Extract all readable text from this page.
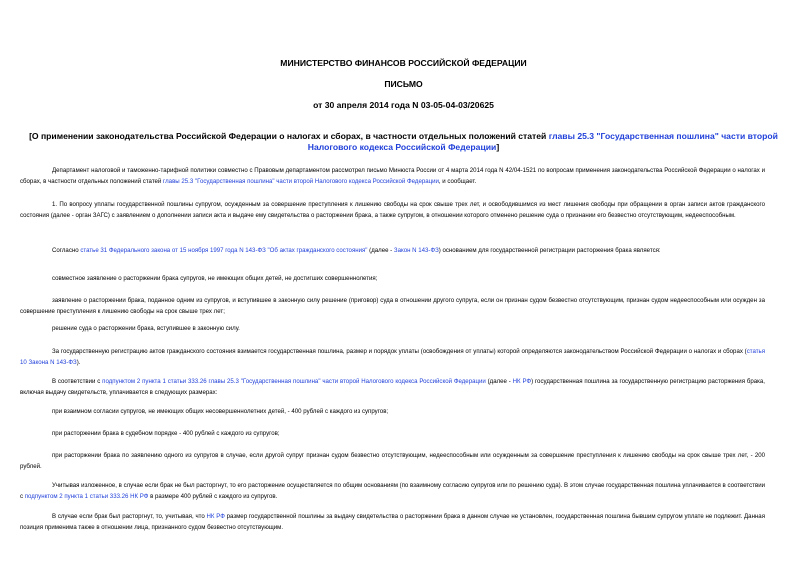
МИНИСТЕРСТВО ФИНАНСОВ РОССИЙСКОЙ ФЕДЕРАЦИИ
ПИСЬМО
от 30 апреля 2014 года N 03-05-04-03/20625
[О применении законодательства Российской Федерации о налогах и сборах, в частности отдельных положений статей главы 25.3 "Государственная пошлина" части второй Налогового кодекса Российской Федерации]

Департамент налоговой и таможенно-тарифной политики совместно с Правовым департаментом рассмотрел письмо Минюста России от 4 марта 2014 года N 42/04-1521 по вопросам применения законодательства Российской Федерации о налогах и сборах, в частности отдельных положений статей главы 25.3 "Государственная пошлина" части второй Налогового кодекса Российской Федерации, и сообщает.

1. По вопросу уплаты государственной пошлины супругом, осужденным за совершение преступления к лишению свободы на срок свыше трех лет, и освободившимся из мест лишения свободы при обращении в орган записи актов гражданского состояния (далее - орган ЗАГС) с заявлением о дополнении записи акта и выдаче ему свидетельства о расторжении брака, а также супругом, в отношении которого отменено решение суда о признании его безвестно отсутствующим, недееспособным.

Согласно статье 31 Федерального закона от 15 ноября 1997 года N 143-ФЗ "Об актах гражданского состояния" (далее - Закон N 143-ФЗ) основанием для государственной регистрации расторжения брака является:

совместное заявление о расторжении брака супругов, не имеющих общих детей, не достигших совершеннолетия;

заявление о расторжении брака, поданное одним из супругов, и вступившее в законную силу решение (приговор) суда в отношении другого супруга, если он признан судом безвестно отсутствующим, признан судом недееспособным или осужден за совершение преступления к лишению свободы на срок свыше трех лет;

решение суда о расторжении брака, вступившее в законную силу.

За государственную регистрацию актов гражданского состояния взимается государственная пошлина, размер и порядок уплаты (освобождения от уплаты) которой определяются законодательством Российской Федерации о налогах и сборах (статья 10 Закона N 143-ФЗ).

В соответствии с подпунктом 2 пункта 1 статьи 333.26 главы 25.3 "Государственная пошлина" части второй Налогового кодекса Российской Федерации (далее - НК РФ) государственная пошлина за государственную регистрацию расторжения брака, включая выдачу свидетельств, уплачивается в следующих размерах:

при взаимном согласии супругов, не имеющих общих несовершеннолетних детей, - 400 рублей с каждого из супругов;

при расторжении брака в судебном порядке - 400 рублей с каждого из супругов;

при расторжении брака по заявлению одного из супругов в случае, если другой супруг признан судом безвестно отсутствующим, недееспособным или осужденным за совершение преступления к лишению свободы на срок свыше трех лет, - 200 рублей.

Учитывая изложенное, в случае если брак не был расторгнут, то его расторжение осуществляется по общим основаниям (по взаимному согласию супругов или по решению суда). В этом случае государственная пошлина уплачивается в соответствии с подпунктом 2 пункта 1 статьи 333.26 НК РФ в размере 400 рублей с каждого из супругов.

В случае если брак был расторгнут, то, учитывая, что НК РФ размер государственной пошлины за выдачу свидетельства о расторжении брака в данном случае не установлен, государственная пошлина бывшим супругом уплате не подлежит. Данная позиция применима также в отношении лица, признанного судом безвестно отсутствующим.
